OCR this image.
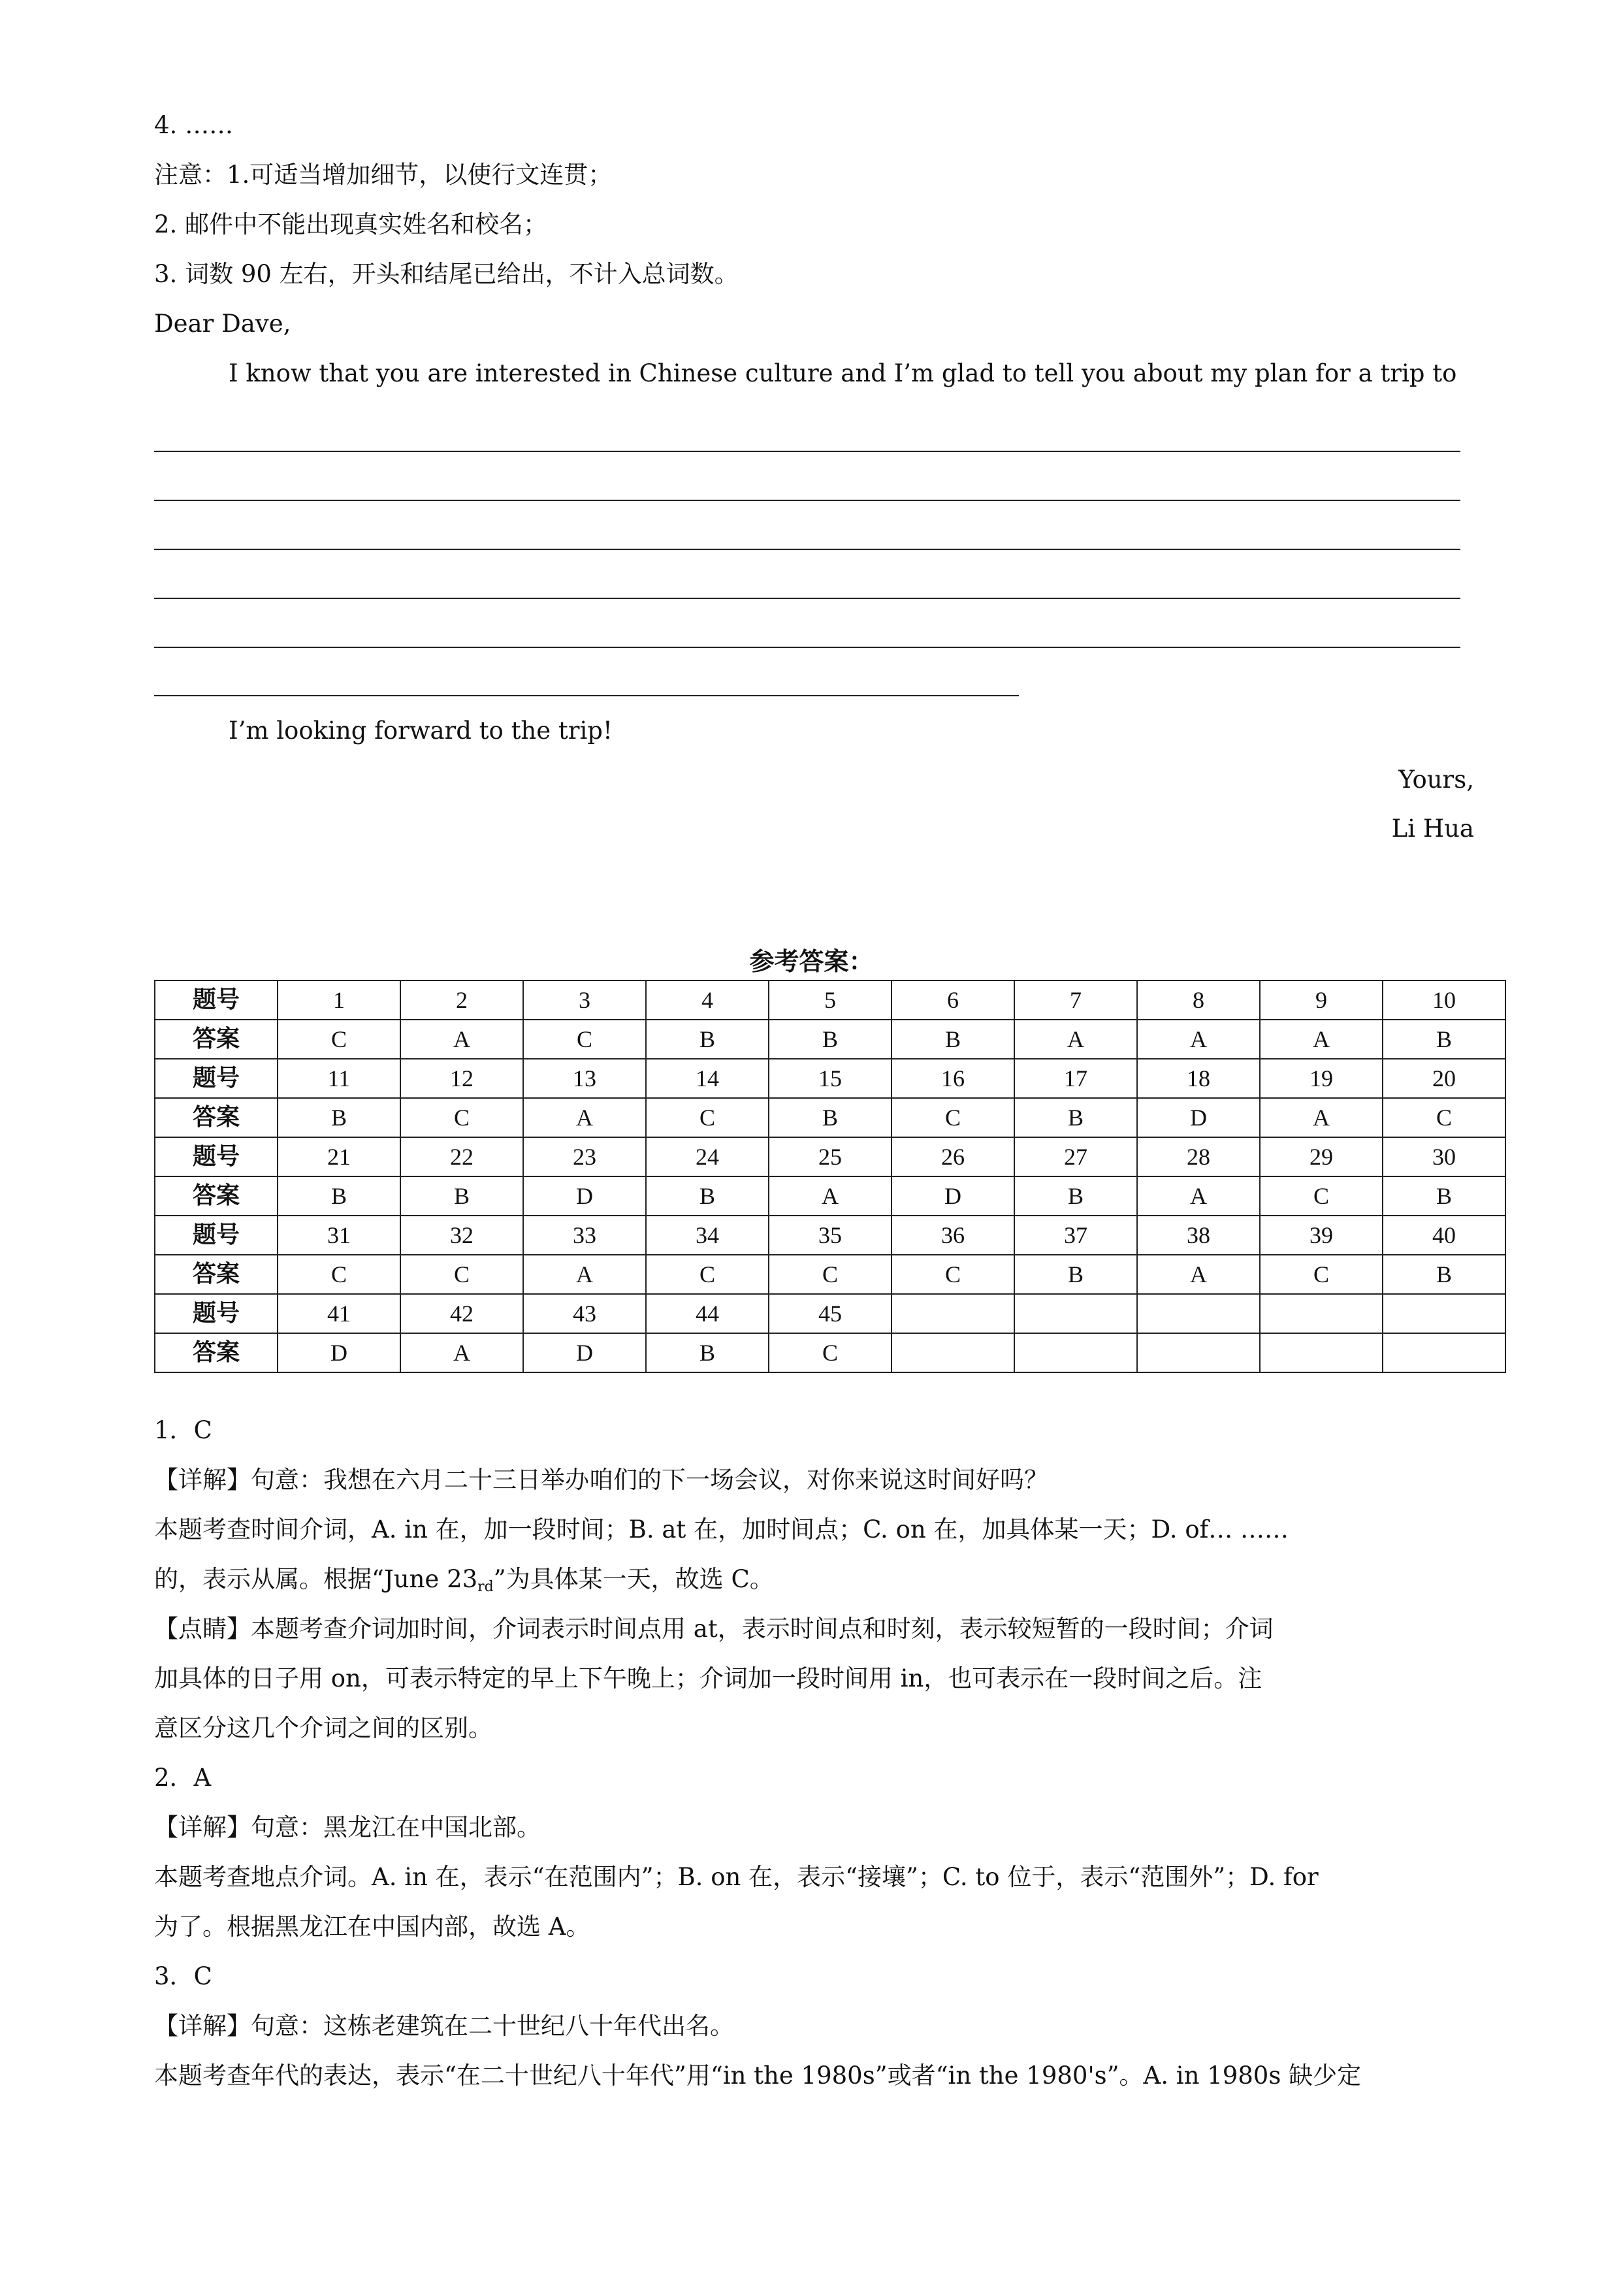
4. ……
注意：1.可适当增加细节，以使行文连贯；
2. 邮件中不能出现真实姓名和校名；
3. 词数 90 左右，开头和结尾已给出，不计入总词数。
Dear Dave,
I know that you are interested in Chinese culture and I’m glad to tell you about my plan for a trip to
I’m looking forward to the trip!
Yours,
Li Hua
参考答案：
题号	1	2	3	4	5	6	7	8	9	10
答案	C	A	C	B	B	B	A	A	A	B
题号	11	12	13	14	15	16	17	18	19	20
答案	B	C	A	C	B	C	B	D	A	C
题号	21	22	23	24	25	26	27	28	29	30
答案	B	B	D	B	A	D	B	A	C	B
题号	31	32	33	34	35	36	37	38	39	40
答案	C	C	A	C	C	C	B	A	C	B
题号	41	42	43	44	45					
答案	D	A	D	B	C					
1．C
【详解】句意：我想在六月二十三日举办咱们的下一场会议，对你来说这时间好吗？
本题考查时间介词，A. in 在，加一段时间；B. at 在，加时间点；C. on 在，加具体某一天；D. of… ……
的，表示从属。根据“June $23_{rd}$”为具体某一天，故选 C。
【点睛】本题考查介词加时间，介词表示时间点用 at，表示时间点和时刻，表示较短暂的一段时间；介词
加具体的日子用 on，可表示特定的早上下午晚上；介词加一段时间用 in，也可表示在一段时间之后。注
意区分这几个介词之间的区别。
2．A
【详解】句意：黑龙江在中国北部。
本题考查地点介词。A. in 在，表示“在范围内”；B. on 在，表示“接壤”；C. to 位于，表示“范围外”；D. for
为了。根据黑龙江在中国内部，故选 A。
3．C
【详解】句意：这栋老建筑在二十世纪八十年代出名。
本题考查年代的表达，表示“在二十世纪八十年代”用“in the 1980s”或者“in the 1980's”。A. in 1980s 缺少定
